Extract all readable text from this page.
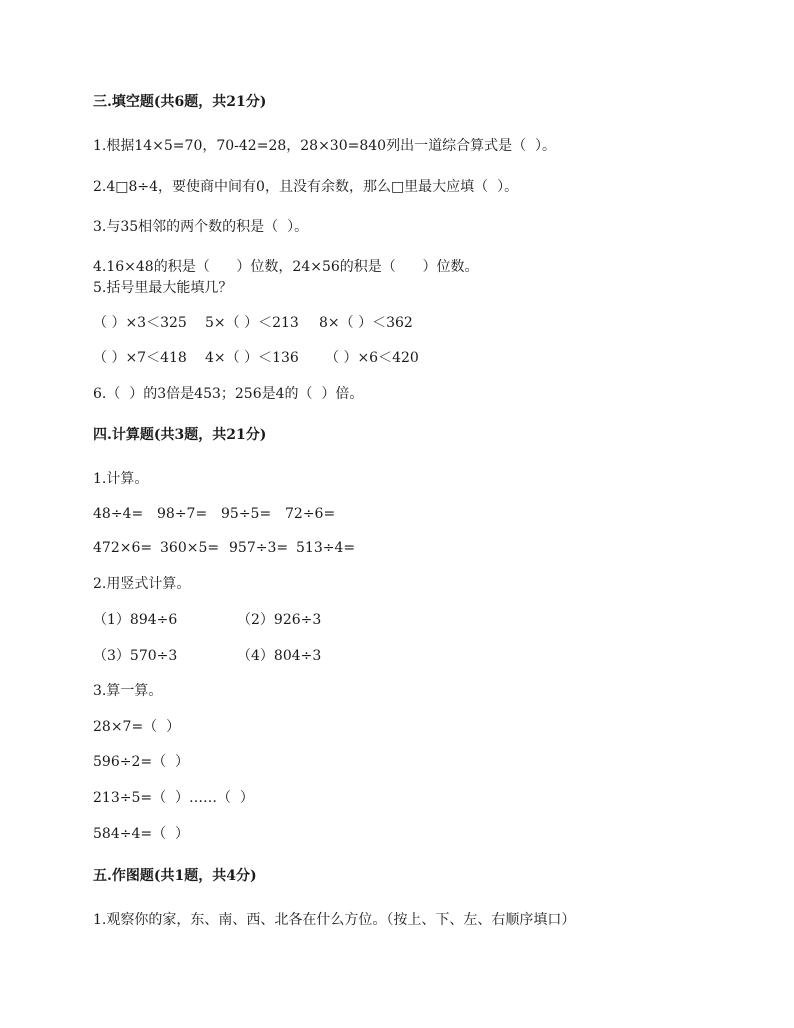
三.填空题(共6题，共21分)
1.根据14×5=70，70-42=28，28×30=840列出一道综合算式是（  ）。
2.4□8÷4，要使商中间有0，且没有余数，那么□里最大应填（  ）。
3.与35相邻的两个数的积是（  ）。
4.16×48的积是（      ）位数，24×56的积是（      ）位数。
5.括号里最大能填几？
（ ）×3＜325 5×（ ）＜213 8×（ ）＜362
（ ）×7＜418 4×（ ）＜136 （ ）×6＜420
6.（  ）的3倍是453；256是4的（  ）倍。
四.计算题(共3题，共21分)
1.计算。
48÷4= 98÷7= 95÷5= 72÷6=
472×6= 360×5= 957÷3= 513÷4=
2.用竖式计算。
（1）894÷6	（2）926÷3
（3）570÷3	（4）804÷3
3.算一算。
28×7=（  ）
596÷2=（  ）
213÷5=（  ）……（  ）
584÷4=（  ）
五.作图题(共1题，共4分)
1.观察你的家，东、南、西、北各在什么方位。（按上、下、左、右顺序填口）
